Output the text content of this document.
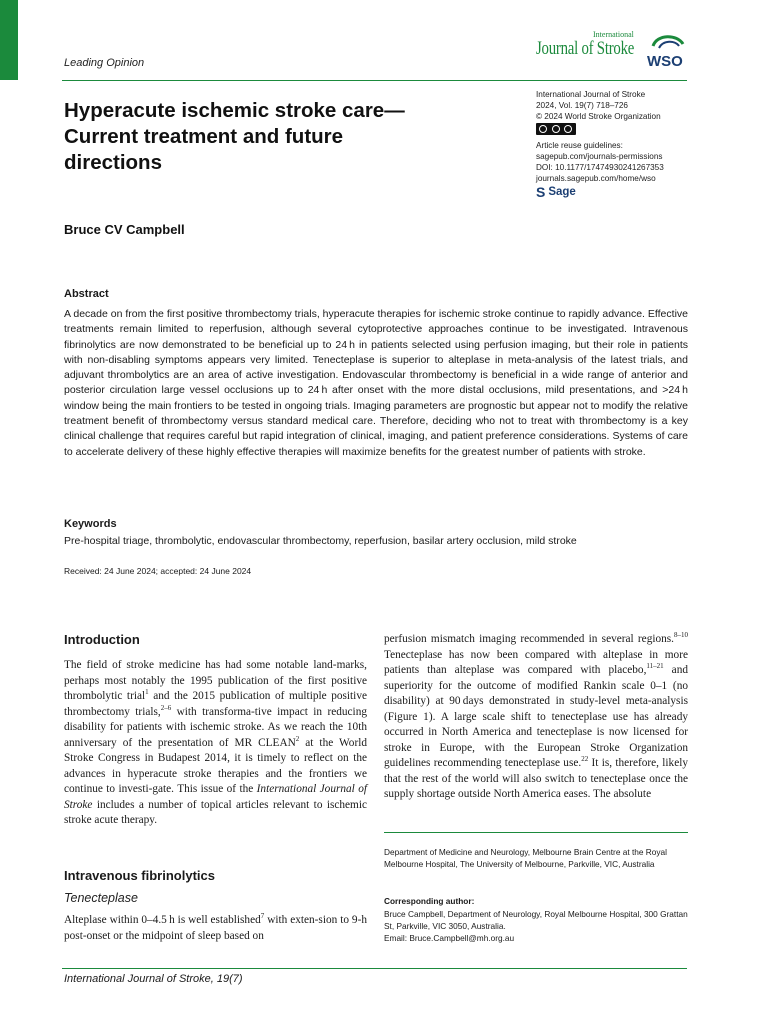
Leading Opinion
International
Journal of Stroke
WSO
Hyperacute ischemic stroke care—Current treatment and future directions
International Journal of Stroke
2024, Vol. 19(7) 718–726
© 2024 World Stroke Organization
Article reuse guidelines:
sagepub.com/journals-permissions
DOI: 10.1177/17474930241267353
journals.sagepub.com/home/wso
S Sage
Bruce CV Campbell
Abstract
A decade on from the first positive thrombectomy trials, hyperacute therapies for ischemic stroke continue to rapidly advance. Effective treatments remain limited to reperfusion, although several cytoprotective approaches continue to be investigated. Intravenous fibrinolytics are now demonstrated to be beneficial up to 24 h in patients selected using perfusion imaging, but their role in patients with non-disabling symptoms appears very limited. Tenecteplase is superior to alteplase in meta-analysis of the latest trials, and adjuvant thrombolytics are an area of active investigation. Endovascular thrombectomy is beneficial in a wide range of anterior and posterior circulation large vessel occlusions up to 24 h after onset with the more distal occlusions, mild presentations, and >24 h window being the main frontiers to be tested in ongoing trials. Imaging parameters are prognostic but appear not to modify the relative treatment benefit of thrombectomy versus standard medical care. Therefore, deciding who not to treat with thrombectomy is a key clinical challenge that requires careful but rapid integration of clinical, imaging, and patient preference considerations. Systems of care to accelerate delivery of these highly effective therapies will maximize benefits for the greatest number of patients with stroke.
Keywords
Pre-hospital triage, thrombolytic, endovascular thrombectomy, reperfusion, basilar artery occlusion, mild stroke
Received: 24 June 2024; accepted: 24 June 2024
Introduction
The field of stroke medicine has had some notable land-marks, perhaps most notably the 1995 publication of the first positive thrombolytic trial$^1$ and the 2015 publication of multiple positive thrombectomy trials,$^{2-6}$ with transforma-tive impact in reducing disability for patients with ischemic stroke. As we reach the 10th anniversary of the presentation of MR CLEAN$^2$ at the World Stroke Congress in Budapest 2014, it is timely to reflect on the advances in hyperacute stroke therapies and the frontiers we continue to investi-gate. This issue of the International Journal of Stroke includes a number of topical articles relevant to ischemic stroke acute therapy.
Intravenous fibrinolytics
Tenecteplase
Alteplase within 0–4.5 h is well established$^7$ with exten-sion to 9-h post-onset or the midpoint of sleep based on
perfusion mismatch imaging recommended in several regions.$^{8-10}$ Tenecteplase has now been compared with alteplase in more patients than alteplase was compared with placebo,$^{11-21}$ and superiority for the outcome of modified Rankin scale 0–1 (no disability) at 90 days demonstrated in study-level meta-analysis (Figure 1). A large scale shift to tenecteplase use has already occurred in North America and tenecteplase is now licensed for stroke in Europe, with the European Stroke Organization guidelines recommending tenecteplase use.$^{22}$ It is, therefore, likely that the rest of the world will also switch to tenecteplase once the supply shortage outside North America eases. The absolute
Department of Medicine and Neurology, Melbourne Brain Centre at the Royal Melbourne Hospital, The University of Melbourne, Parkville, VIC, Australia
Corresponding author:
Bruce Campbell, Department of Neurology, Royal Melbourne Hospital, 300 Grattan St, Parkville, VIC 3050, Australia.
Email: Bruce.Campbell@mh.org.au
International Journal of Stroke, 19(7)
